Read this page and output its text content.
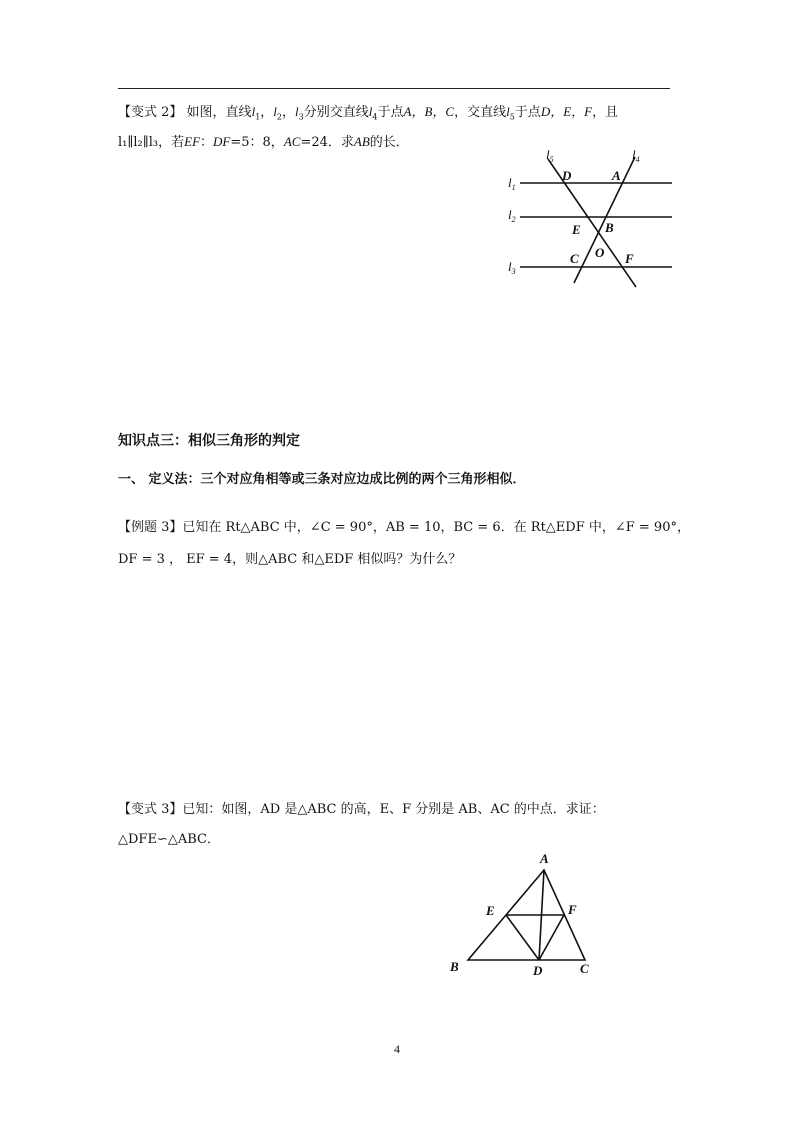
【变式 2】 如图，直线$l_1$，$l_2$，$l_3$分别交直线$l_4$于点A，B，C，交直线$l_5$于点D，E，F，且
l₁∥l₂∥l₃，若EF：DF=5：8，AC=24．求AB的长．
$l_5$	$l_4$
$l_1$
$l_2$
$l_3$
D	A
E B
O
C	F
知识点三：相似三角形的判定
一、 定义法：三个对应角相等或三条对应边成比例的两个三角形相似．
【例题 3】已知在 Rt△ABC 中，∠C = 90°，AB = 10，BC = 6．在 Rt△EDF 中，∠F = 90°，
DF = 3 ， EF = 4，则△ABC 和△EDF 相似吗？为什么？
【变式 3】已知：如图，AD 是△ABC 的高，E、F 分别是 AB、AC 的中点．求证：
△DFE∽△ABC．
A
E	F
B	D	C
4
